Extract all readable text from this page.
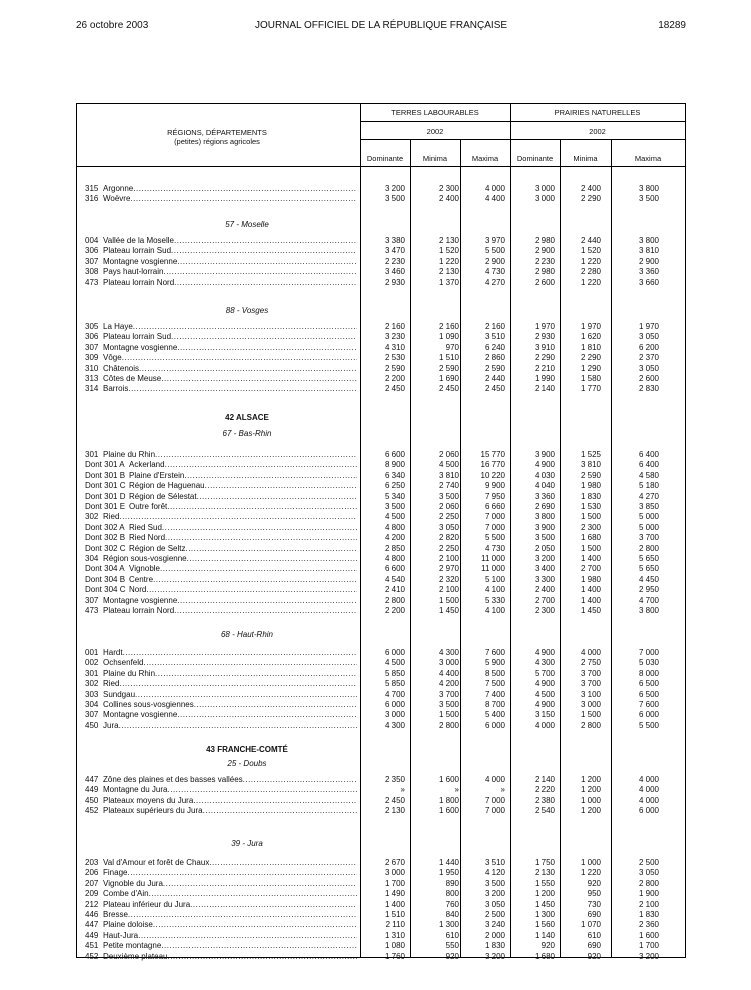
26 octobre 2003	JOURNAL OFFICIEL DE LA RÉPUBLIQUE FRANÇAISE	18289
RÉGIONS, DÉPARTEMENTS
(petites) régions agricoles
TERRES LABOURABLES	PRAIRIES NATURELLES
2002	2002
Dominante	Minima	Maxima	Dominante	Minima	Maxima
315 Argonne .....	3 200	2 300	4 000	3 000	2 400	3 800
316 Woëvre .....	3 500	2 400	4 400	3 000	2 290	3 500
57 - Moselle
004 Vallée de la Moselle .....	3 380	2 130	3 970	2 980	2 440	3 800
306 Plateau lorrain Sud .....	3 470	1 520	5 500	2 900	1 520	3 810
307 Montagne vosgienne .....	2 230	1 220	2 900	2 230	1 220	2 900
308 Pays haut-lorrain .....	3 460	2 130	4 730	2 980	2 280	3 360
473 Plateau lorrain Nord .....	2 930	1 370	4 270	2 600	1 220	3 660
88 - Vosges
305 La Haye .....	2 160	2 160	2 160	1 970	1 970	1 970
306 Plateau lorrain Sud .....	3 230	1 090	3 510	2 930	1 620	3 050
307 Montagne vosgienne .....	4 310	970	6 240	3 910	1 810	6 200
309 Vôge .....	2 530	1 510	2 860	2 290	2 290	2 370
310 Châtenois .....	2 590	2 590	2 590	2 210	1 290	3 050
313 Côtes de Meuse .....	2 200	1 690	2 440	1 990	1 580	2 600
314 Barrois .....	2 450	2 450	2 450	2 140	1 770	2 830
42 ALSACE
67 - Bas-Rhin
301 Plaine du Rhin .....	6 600	2 060	15 770	3 900	1 525	6 400
Dont 301 A Ackerland .....	8 900	4 500	16 770	4 900	3 810	6 400
Dont 301 B Plaine d'Erstein .....	6 340	3 810	10 220	4 030	2 590	4 580
Dont 301 C Région de Haguenau .....	6 250	2 740	9 900	4 040	1 980	5 180
Dont 301 D Région de Sélestat .....	5 340	3 500	7 950	3 360	1 830	4 270
Dont 301 E Outre forêt .....	3 500	2 060	6 660	2 690	1 530	3 850
302 Ried .....	4 500	2 250	7 000	3 800	1 500	5 000
Dont 302 A Ried Sud .....	4 800	3 050	7 000	3 900	2 300	5 000
Dont 302 B Ried Nord .....	4 200	2 820	5 500	3 500	1 680	3 700
Dont 302 C Région de Seltz .....	2 850	2 250	4 730	2 050	1 500	2 800
304 Région sous-vosgienne .....	4 800	2 100	11 000	3 200	1 400	5 650
Dont 304 A Vignoble .....	6 600	2 970	11 000	3 400	2 700	5 650
Dont 304 B Centre .....	4 540	2 320	5 100	3 300	1 980	4 450
Dont 304 C Nord .....	2 410	2 100	4 100	2 400	1 400	2 950
307 Montagne vosgienne .....	2 800	1 500	5 330	2 700	1 400	4 700
473 Plateau lorrain Nord .....	2 200	1 450	4 100	2 300	1 450	3 800
68 - Haut-Rhin
001 Hardt .....	6 000	4 300	7 600	4 900	4 000	7 000
002 Ochsenfeld .....	4 500	3 000	5 900	4 300	2 750	5 030
301 Plaine du Rhin .....	5 850	4 400	8 500	5 700	3 700	8 000
302 Ried .....	5 850	4 200	7 500	4 900	3 700	6 500
303 Sundgau .....	4 700	3 700	7 400	4 500	3 100	6 500
304 Collines sous-vosgiennes .....	6 000	3 500	8 700	4 900	3 000	7 600
307 Montagne vosgienne .....	3 000	1 500	5 400	3 150	1 500	6 000
450 Jura .....	4 300	2 800	6 000	4 000	2 800	5 500
43 FRANCHE-COMTÉ
25 - Doubs
447 Zône des plaines et des basses vallées .....	2 350	1 600	4 000	2 140	1 200	4 000
449 Montagne du Jura .....	»	»	»	2 220	1 200	4 000
450 Plateaux moyens du Jura .....	2 450	1 800	7 000	2 380	1 000	4 000
452 Plateaux supérieurs du Jura .....	2 130	1 600	7 000	2 540	1 200	6 000
39 - Jura
203 Val d'Amour et forêt de Chaux .....	2 670	1 440	3 510	1 750	1 000	2 500
206 Finage .....	3 000	1 950	4 120	2 130	1 220	3 050
207 Vignoble du Jura .....	1 700	890	3 500	1 550	920	2 800
209 Combe d'Ain .....	1 490	800	3 200	1 200	950	1 900
212 Plateau inférieur du Jura .....	1 400	760	3 050	1 450	730	2 100
446 Bresse .....	1 510	840	2 500	1 300	690	1 830
447 Plaine doloise .....	2 110	1 300	3 240	1 560	1 070	2 360
449 Haut-Jura .....	1 310	610	2 000	1 140	610	1 600
451 Petite montagne .....	1 080	550	1 830	920	690	1 700
452 Deuxième plateau .....	1 760	920	3 200	1 680	920	3 200
